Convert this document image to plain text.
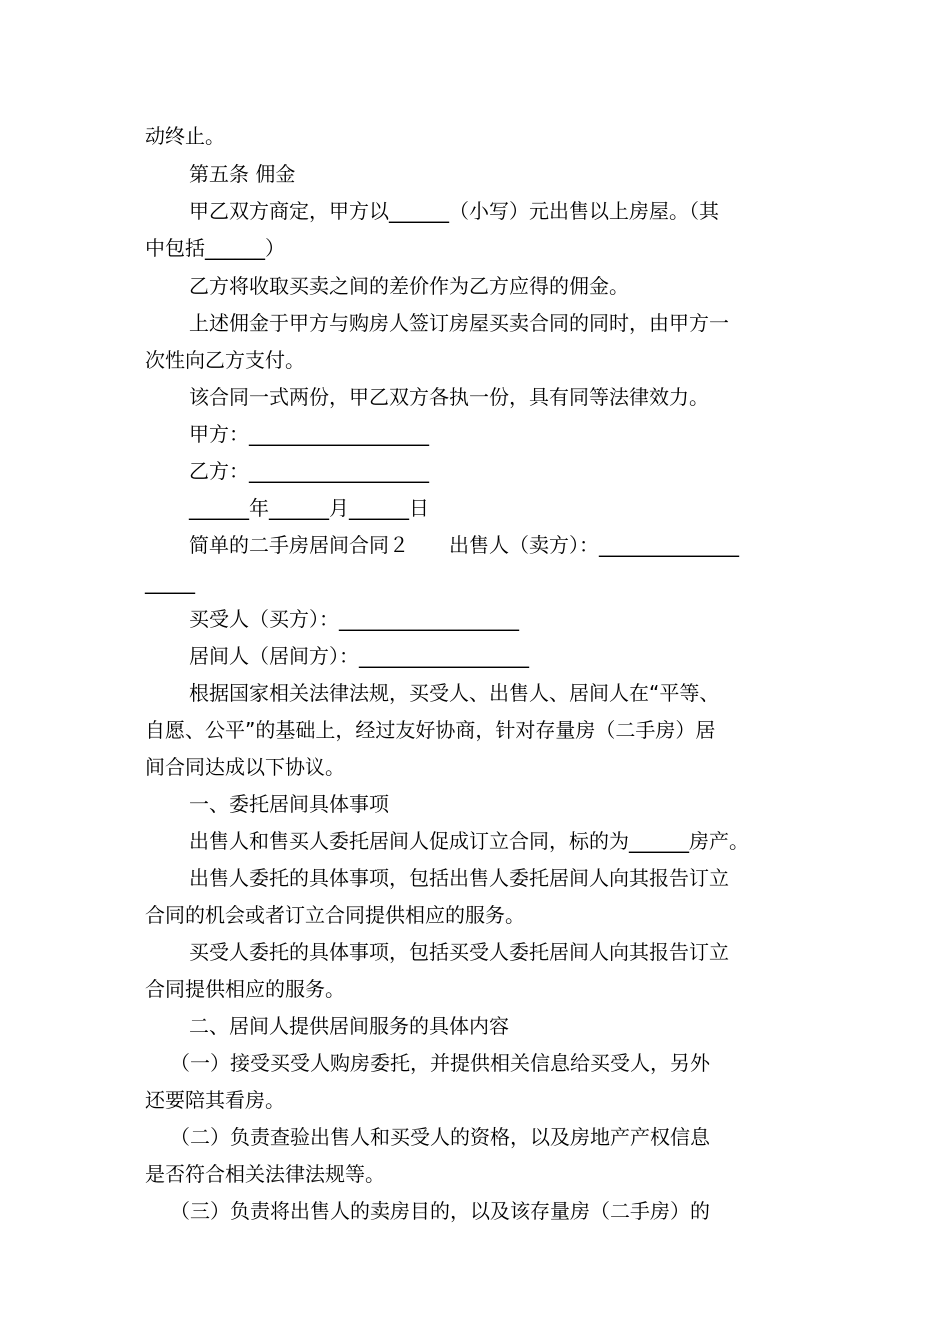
动终止。

第五条 佣金

甲乙双方商定，甲方以______（小写）元出售以上房屋。（其

中包括______）

乙方将收取买卖之间的差价作为乙方应得的佣金。

上述佣金于甲方与购房人签订房屋买卖合同的同时，由甲方一

次性向乙方支付。

该合同一式两份，甲乙双方各执一份，具有同等法律效力。

甲方：__________________

乙方：__________________

______年______月______日

简单的二手房居间合同２　　出售人（卖方）：______________

_____

买受人（买方）：__________________

居间人（居间方）：_________________

根据国家相关法律法规，买受人、出售人、居间人在“平等、

自愿、公平”的基础上，经过友好协商，针对存量房（二手房）居

间合同达成以下协议。

一、委托居间具体事项

出售人和售买人委托居间人促成订立合同，标的为______房产。

出售人委托的具体事项，包括出售人委托居间人向其报告订立

合同的机会或者订立合同提供相应的服务。

买受人委托的具体事项，包括买受人委托居间人向其报告订立

合同提供相应的服务。

二、居间人提供居间服务的具体内容

（一）接受买受人购房委托，并提供相关信息给买受人，另外

还要陪其看房。

（二）负责查验出售人和买受人的资格，以及房地产产权信息

是否符合相关法律法规等。

（三）负责将出售人的卖房目的，以及该存量房（二手房）的
